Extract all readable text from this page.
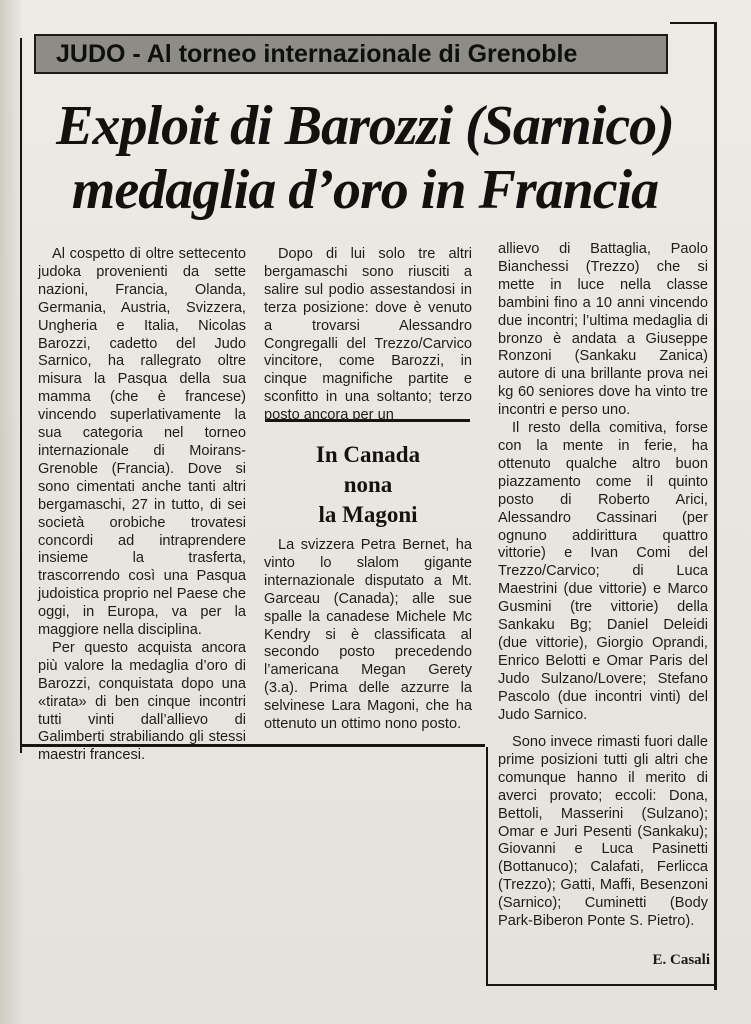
JUDO - Al torneo internazionale di Grenoble
Exploit di Barozzi (Sarnico)
medaglia d’oro in Francia

Al cospetto di oltre settecento judoka provenienti da sette nazioni, Francia, Olanda, Germania, Austria, Svizzera, Ungheria e Italia, Nicolas Barozzi, cadetto del Judo Sarnico, ha rallegrato oltre misura la Pasqua della sua mamma (che è francese) vincendo superlativamente la sua categoria nel torneo internazionale di Moirans-Grenoble (Francia). Dove si sono cimentati anche tanti altri bergamaschi, 27 in tutto, di sei società orobiche trovatesi concordi ad intraprendere insieme la trasferta, trascorrendo così una Pasqua judoistica proprio nel Paese che oggi, in Europa, va per la maggiore nella disciplina.

Per questo acquista ancora più valore la medaglia d’oro di Barozzi, conquistata dopo una «tirata» di ben cinque incontri tutti vinti dall’allievo di Galimberti strabiliando gli stessi maestri francesi.

Dopo di lui solo tre altri bergamaschi sono riusciti a salire sul podio assestandosi in terza posizione: dove è venuto a trovarsi Alessandro Congregalli del Trezzo/Carvico vincitore, come Barozzi, in cinque magnifiche partite e sconfitto in una soltanto; terzo posto ancora per un

In Canada
nona
la Magoni

La svizzera Petra Bernet, ha vinto lo slalom gigante internazionale disputato a Mt. Garceau (Canada); alle sue spalle la canadese Michele Mc Kendry si è classificata al secondo posto precedendo l’americana Megan Gerety (3.a). Prima delle azzurre la selvinese Lara Magoni, che ha ottenuto un ottimo nono posto.

allievo di Battaglia, Paolo Bianchessi (Trezzo) che si mette in luce nella classe bambini fino a 10 anni vincendo due incontri; l’ultima medaglia di bronzo è andata a Giuseppe Ronzoni (Sankaku Zanica) autore di una brillante prova nei kg 60 seniores dove ha vinto tre incontri e perso uno.

Il resto della comitiva, forse con la mente in ferie, ha ottenuto qualche altro buon piazzamento come il quinto posto di Roberto Arici, Alessandro Cassinari (per ognuno addirittura quattro vittorie) e Ivan Comi del Trezzo/Carvico; di Luca Maestrini (due vittorie) e Marco Gusmini (tre vittorie) della Sankaku Bg; Daniel Deleidi (due vittorie), Giorgio Oprandi, Enrico Belotti e Omar Paris del Judo Sulzano/Lovere; Stefano Pascolo (due incontri vinti) del Judo Sarnico.

Sono invece rimasti fuori dalle prime posizioni tutti gli altri che comunque hanno il merito di averci provato; eccoli: Dona, Bettoli, Masserini (Sulzano); Omar e Juri Pesenti (Sankaku); Giovanni e Luca Pasinetti (Bottanuco); Calafati, Ferlicca (Trezzo); Gatti, Maffi, Besenzoni (Sarnico); Cuminetti (Body Park-Biberon Ponte S. Pietro).

E. Casali
